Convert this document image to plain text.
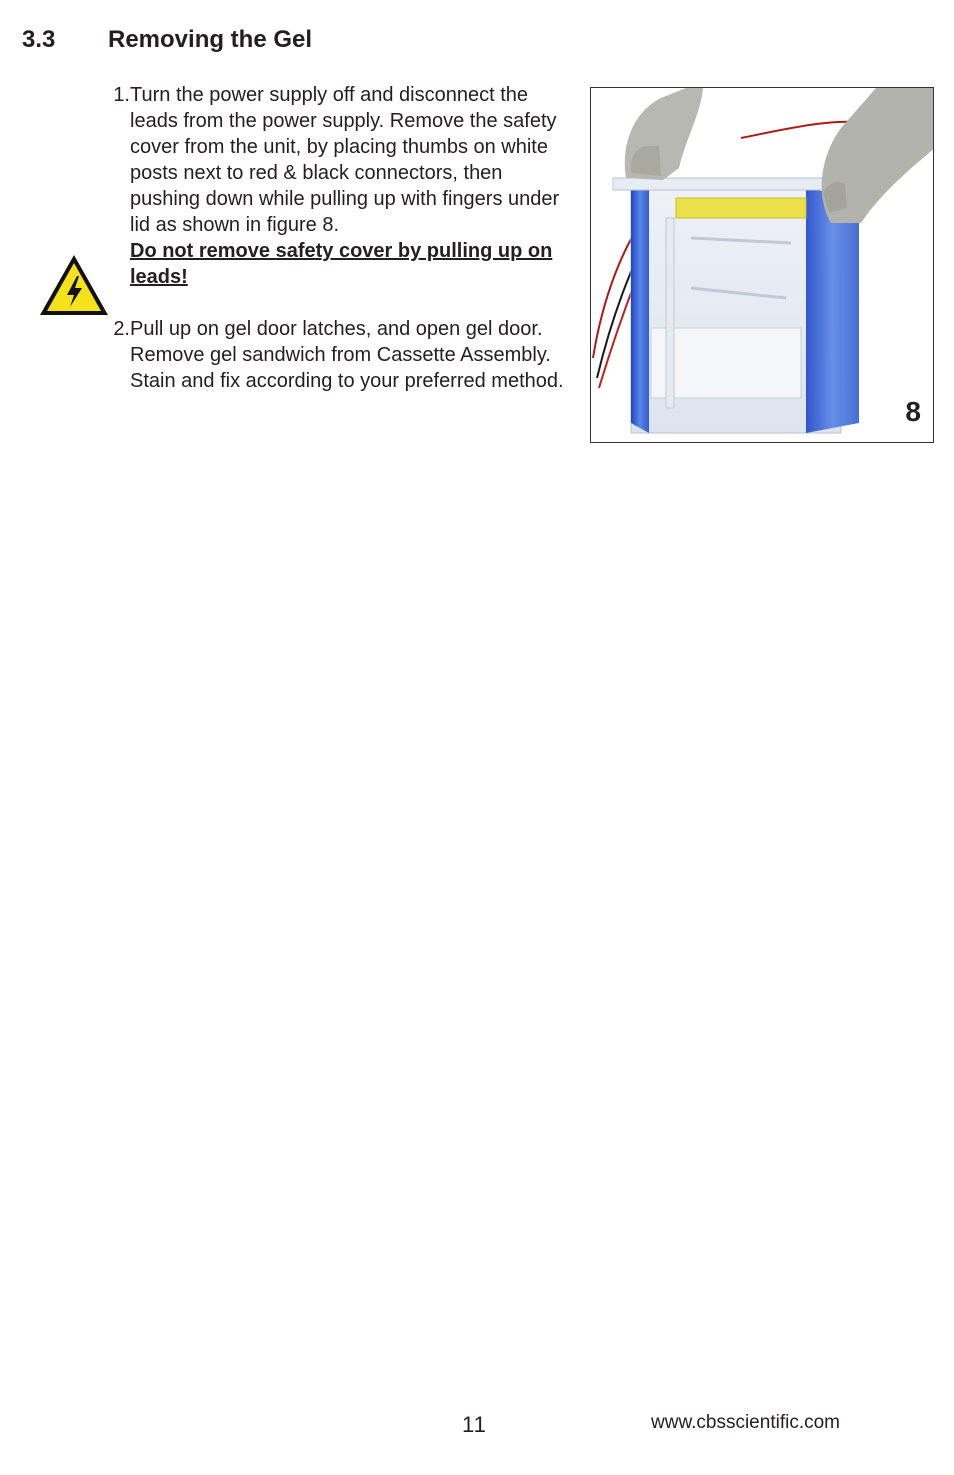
3.3 Removing the Gel
1. Turn the power supply off and disconnect the leads from the power supply. Remove the safety cover from the unit, by placing thumbs on white posts next to red & black connectors, then pushing down while pulling up with fingers under lid as shown in figure 8.
Do not remove safety cover by pulling up on leads!
2. Pull up on gel door latches, and open gel door. Remove gel sandwich from Cassette Assembly. Stain and fix according to your preferred method.
8
11	www.cbsscientific.com
